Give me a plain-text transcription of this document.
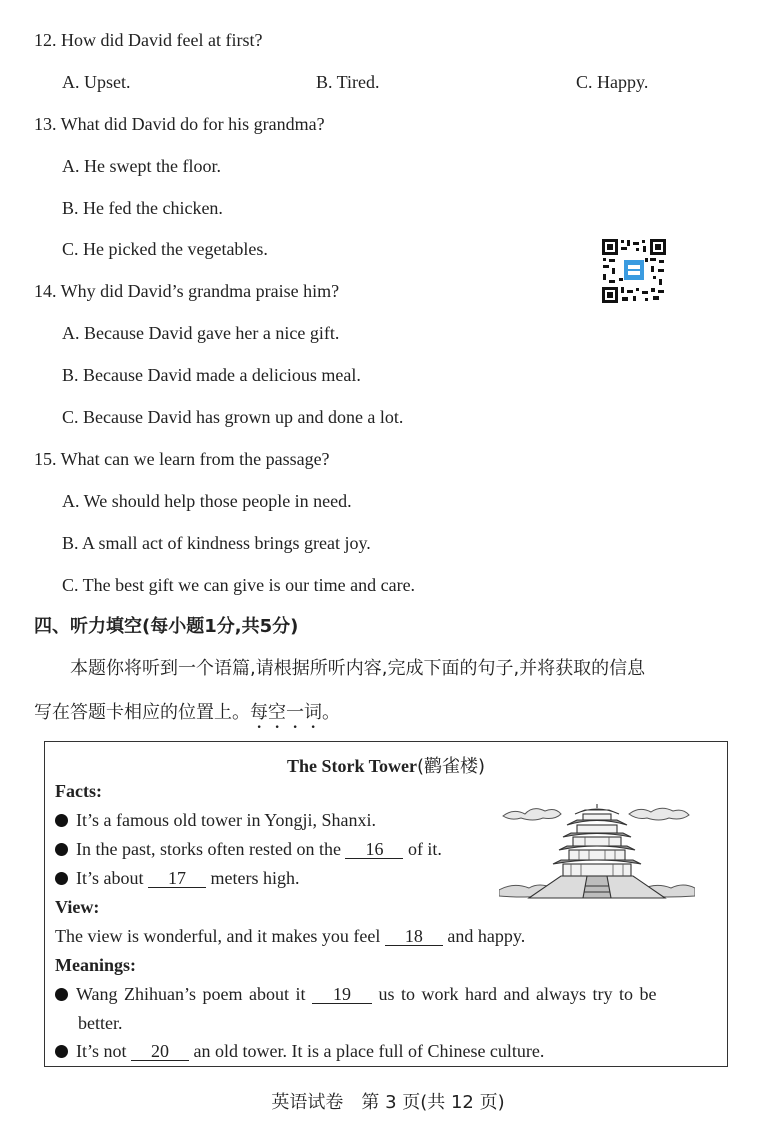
12. How did David feel at first?
A. Upset.	B. Tired.	C. Happy.
13. What did David do for his grandma?
A. He swept the floor.
B. He fed the chicken.
C. He picked the vegetables.
14. Why did David’s grandma praise him?
A. Because David gave her a nice gift.
B. Because David made a delicious meal.
C. Because David has grown up and done a lot.
15. What can we learn from the passage?
A. We should help those people in need.
B. A small act of kindness brings great joy.
C. The best gift we can give is our time and care.
四、听力填空(每小题1分,共5分)
本题你将听到一个语篇,请根据所听内容,完成下面的句子,并将获取的信息
写在答题卡相应的位置上。每空一词。
The Stork Tower(鹳雀楼)
Facts:
It’s a famous old tower in Yongji, Shanxi.
In the past, storks often rested on the 16 of it.
It’s about 17 meters high.
View:
The view is wonderful, and it makes you feel 18 and happy.
Meanings:
Wang Zhihuan’s poem about it 19 us to work hard and always try to be
better.
It’s not 20 an old tower. It is a place full of Chinese culture.
英语试卷　第 3 页(共 12 页)
